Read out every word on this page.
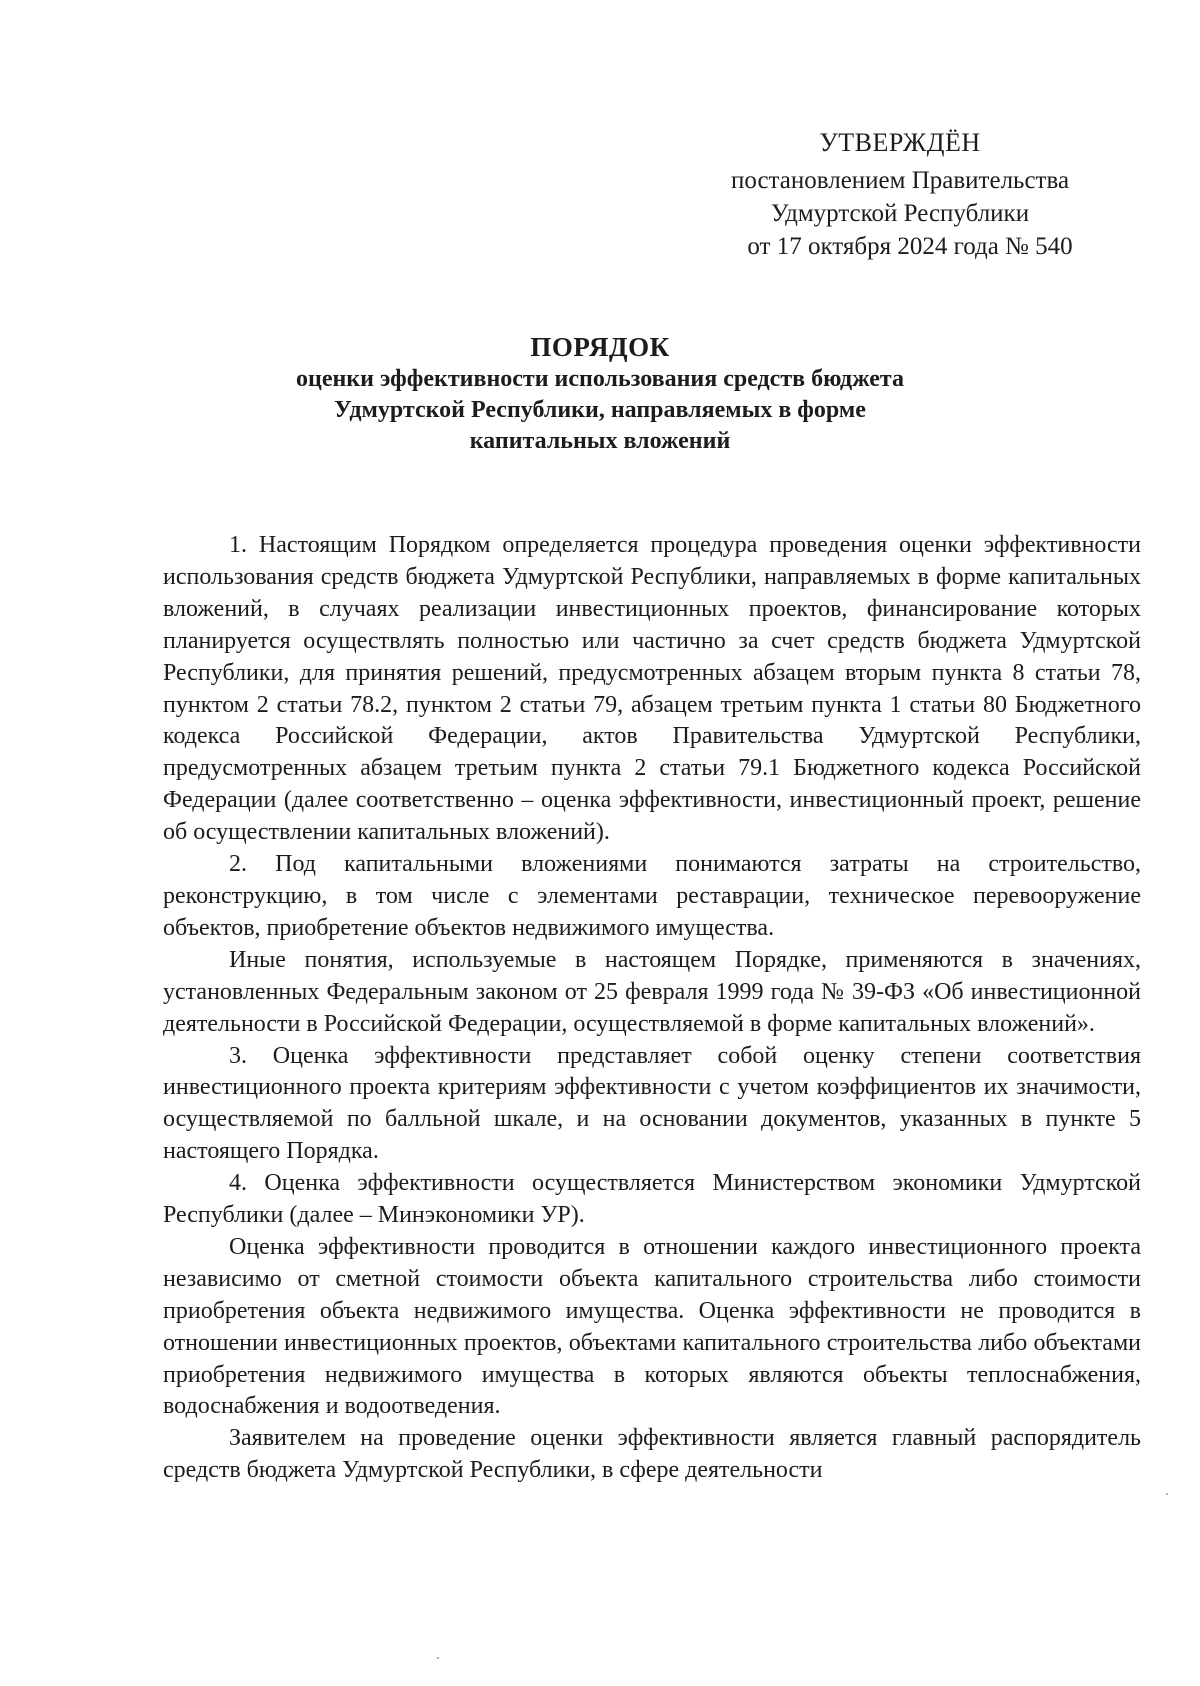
УТВЕРЖДЁН
постановлением Правительства
Удмуртской Республики
от 17 октября 2024 года № 540
ПОРЯДОК
оценки эффективности использования средств бюджета
Удмуртской Республики, направляемых в форме
капитальных вложений

1. Настоящим Порядком определяется процедура проведения оценки эффективности использования средств бюджета Удмуртской Республики, направляемых в форме капитальных вложений, в случаях реализации инвестиционных проектов, финансирование которых планируется осуществлять полностью или частично за счет средств бюджета Удмуртской Республики, для принятия решений, предусмотренных абзацем вторым пункта 8 статьи 78, пунктом 2 статьи 78.2, пунктом 2 статьи 79, абзацем третьим пункта 1 статьи 80 Бюджетного кодекса Российской Федерации, актов Правительства Удмуртской Республики, предусмотренных абзацем третьим пункта 2 статьи 79.1 Бюджетного кодекса Российской Федерации (далее соответственно – оценка эффективности, инвестиционный проект, решение об осуществлении капитальных вложений).

2. Под капитальными вложениями понимаются затраты на строительство, реконструкцию, в том числе с элементами реставрации, техническое перевооружение объектов, приобретение объектов недвижимого имущества.

Иные понятия, используемые в настоящем Порядке, применяются в значениях, установленных Федеральным законом от 25 февраля 1999 года № 39-ФЗ «Об инвестиционной деятельности в Российской Федерации, осуществляемой в форме капитальных вложений».

3. Оценка эффективности представляет собой оценку степени соответствия инвестиционного проекта критериям эффективности с учетом коэффициентов их значимости, осуществляемой по балльной шкале, и на основании документов, указанных в пункте 5 настоящего Порядка.

4. Оценка эффективности осуществляется Министерством экономики Удмуртской Республики (далее – Минэкономики УР).

Оценка эффективности проводится в отношении каждого инвестиционного проекта независимо от сметной стоимости объекта капитального строительства либо стоимости приобретения объекта недвижимого имущества. Оценка эффективности не проводится в отношении инвестиционных проектов, объектами капитального строительства либо объектами приобретения недвижимого имущества в которых являются объекты теплоснабжения, водоснабжения и водоотведения.

Заявителем на проведение оценки эффективности является главный распорядитель средств бюджета Удмуртской Республики, в сфере деятельности
